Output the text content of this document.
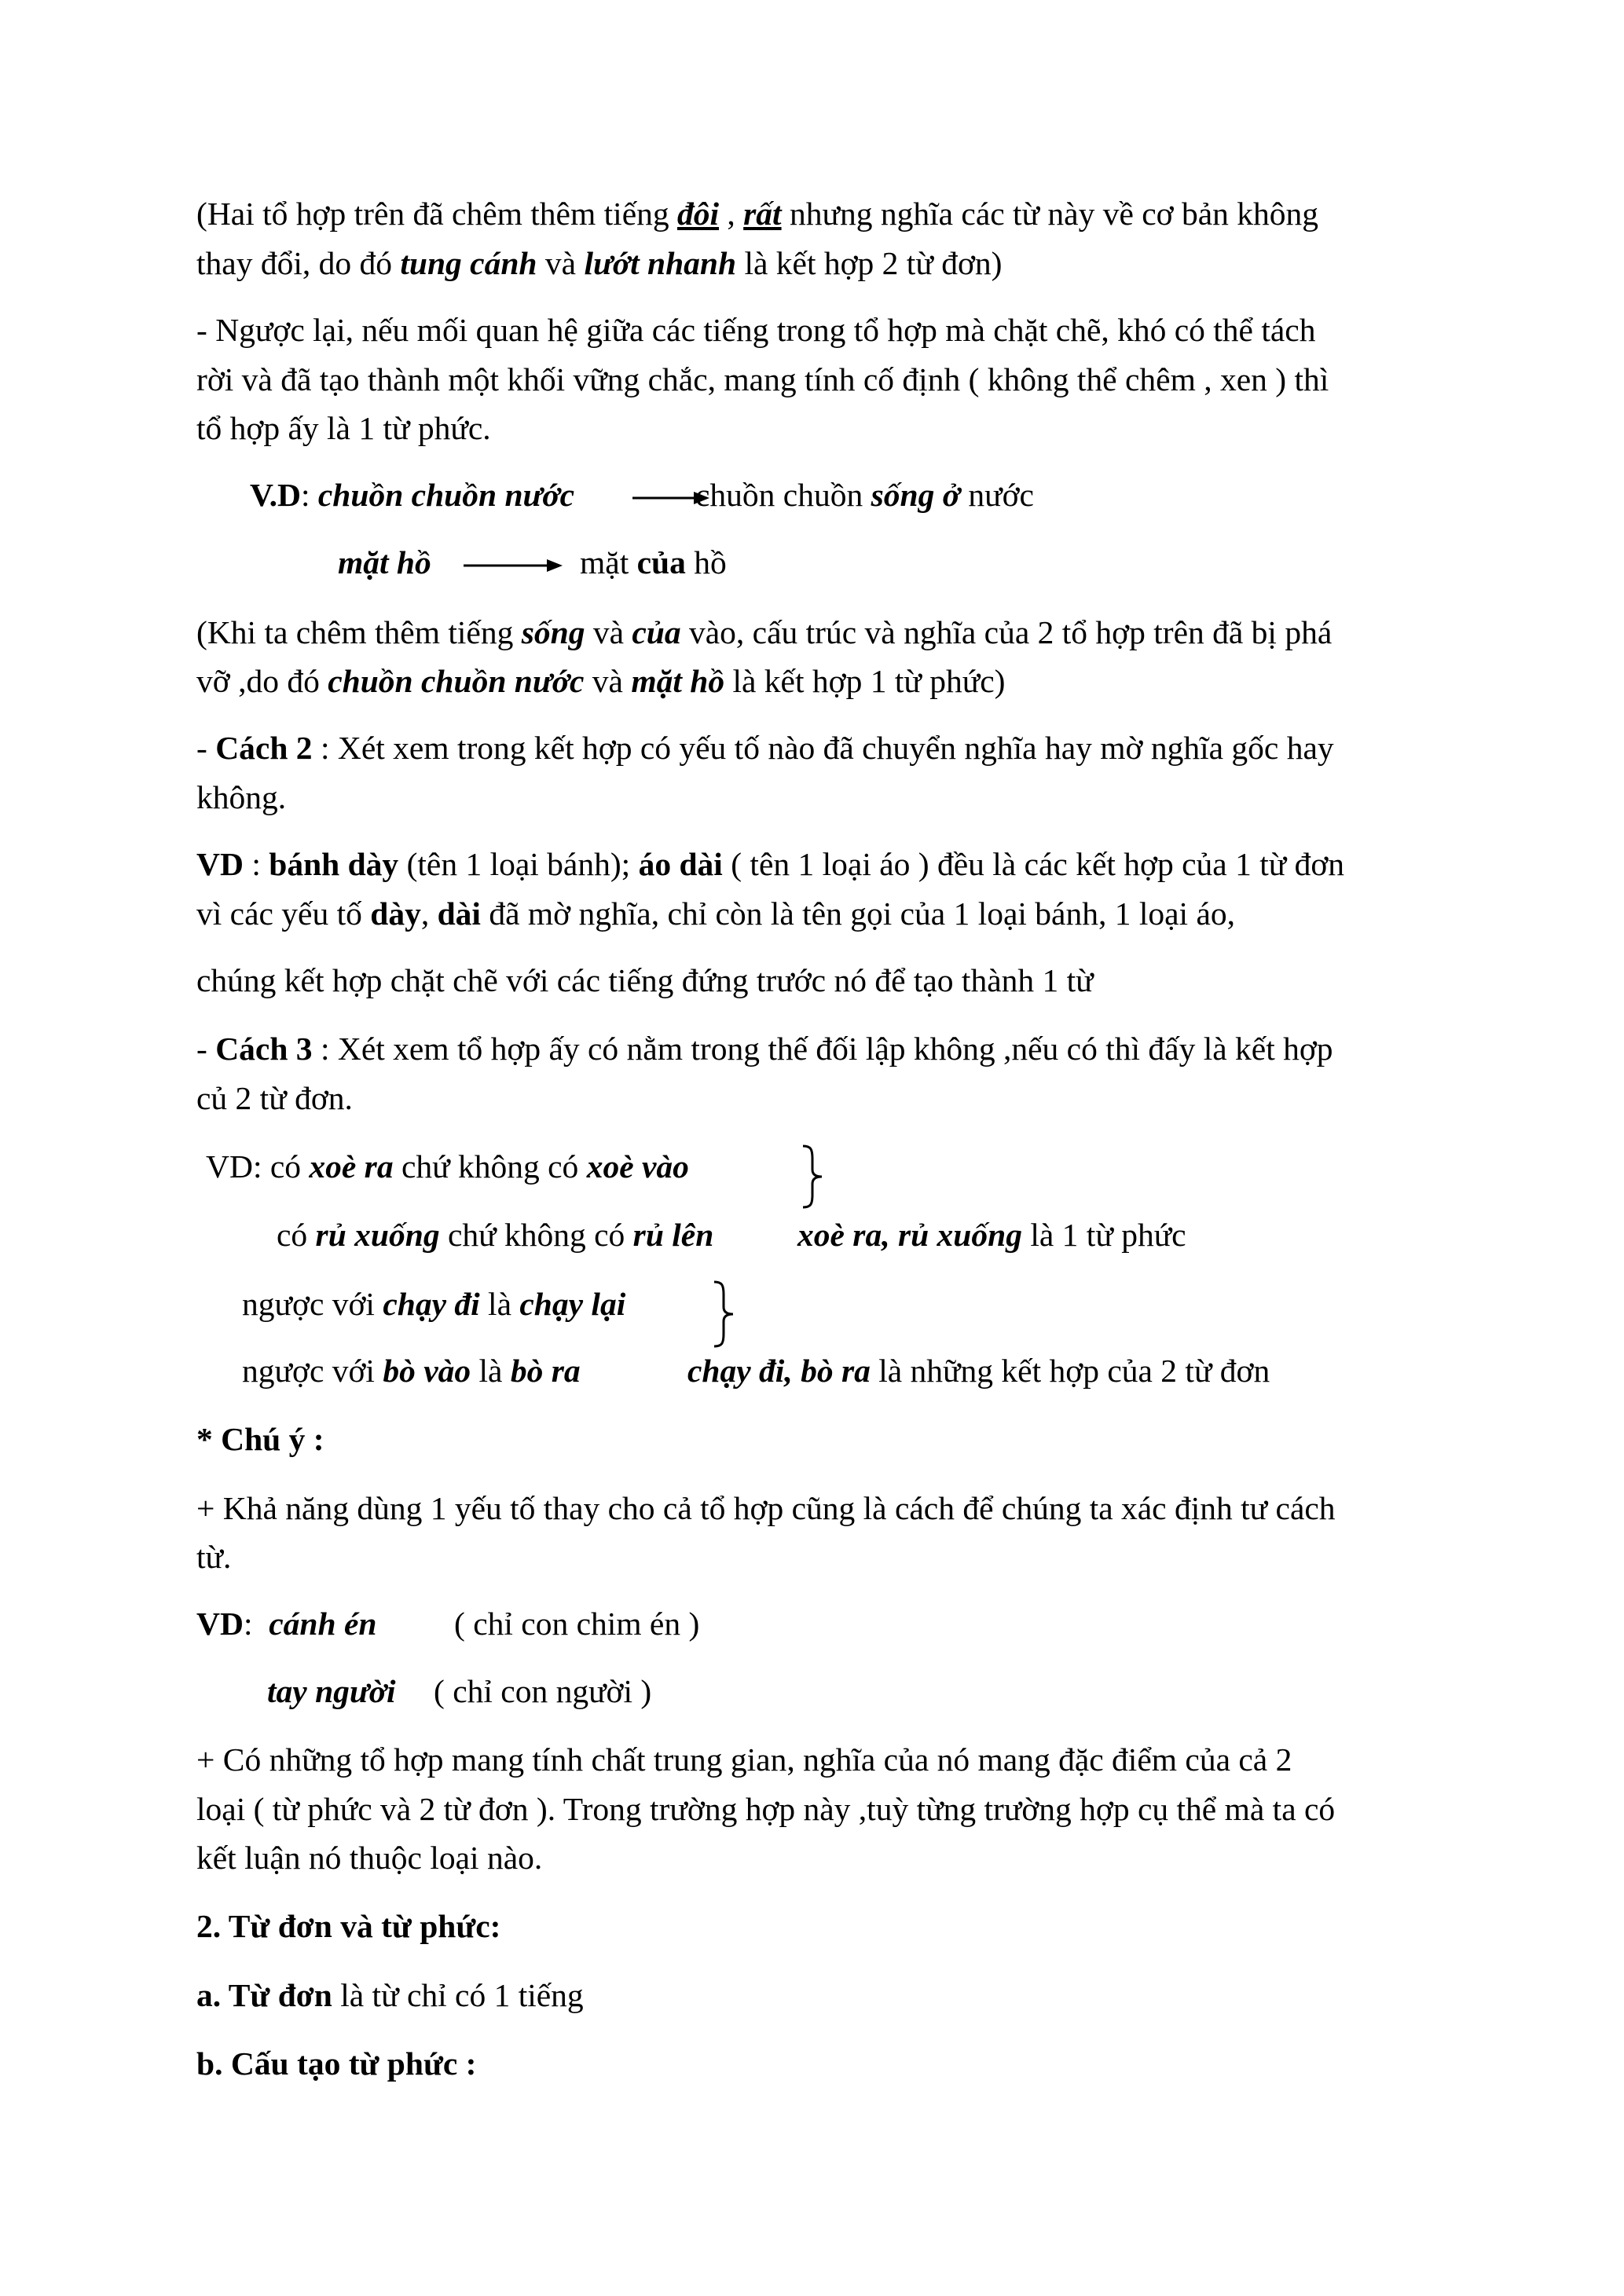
(Hai tổ hợp trên đã chêm thêm tiếng đôi , rất nhưng nghĩa các từ này về cơ bản không
thay đổi, do đó tung cánh và lướt nhanh là kết hợp 2 từ đơn)
- Ngược lại, nếu mối quan hệ giữa các tiếng trong tổ hợp mà chặt chẽ, khó có thể tách
rời và đã tạo thành một khối vững chắc, mang tính cố định ( không thể chêm , xen ) thì
tổ hợp ấy là 1 từ phức.
V.D: chuồn chuồn nước	chuồn chuồn sống ở nước
mặt hồ	mặt của hồ
(Khi ta chêm thêm tiếng sống và của vào, cấu trúc và nghĩa của 2 tổ hợp trên đã bị phá
vỡ ,do đó chuồn chuồn nước và mặt hồ là kết hợp 1 từ phức)
- Cách 2 : Xét xem trong kết hợp có yếu tố nào đã chuyển nghĩa hay mờ nghĩa gốc hay
không.
VD : bánh dày (tên 1 loại bánh); áo dài ( tên 1 loại áo ) đều là các kết hợp của 1 từ đơn
vì các yếu tố dày, dài đã mờ nghĩa, chỉ còn là tên gọi của 1 loại bánh, 1 loại áo,
chúng kết hợp chặt chẽ với các tiếng đứng trước nó để tạo thành 1 từ
- Cách 3 : Xét xem tổ hợp ấy có nằm trong thế đối lập không ,nếu có thì đấy là kết hợp
củ 2 từ đơn.
VD: có xoè ra chứ không có xoè vào
có rủ xuống chứ không có rủ lên	xoè ra, rủ xuống là 1 từ phức
ngược với chạy đi là chạy lại
ngược với bò vào là bò ra	chạy đi, bò ra là những kết hợp của 2 từ đơn
* Chú ý :
+ Khả năng dùng 1 yếu tố thay cho cả tổ hợp cũng là cách để chúng ta xác định tư cách
từ.
VD:  cánh én ( chỉ con chim én )
tay người ( chỉ con người )
+ Có những tổ hợp mang tính chất trung gian, nghĩa của nó mang đặc điểm của cả 2
loại ( từ phức và 2 từ đơn ). Trong trường hợp này ,tuỳ từng trường hợp cụ thể mà ta có
kết luận nó thuộc loại nào.
2. Từ đơn và từ phức:
a. Từ đơn là từ chỉ có 1 tiếng
b. Cấu tạo từ phức :
